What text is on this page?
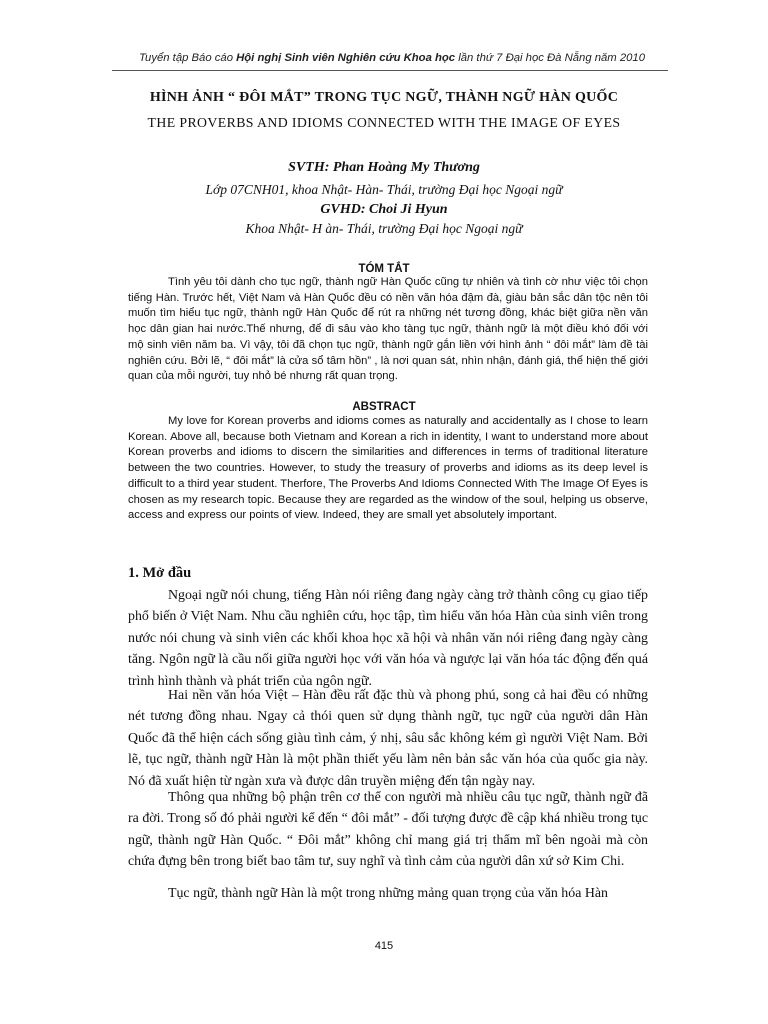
Tuyển tập Báo cáo Hội nghị Sinh viên Nghiên cứu Khoa học lần thứ 7 Đại học Đà Nẵng năm 2010
HÌNH ẢNH “ ĐÔI MẮT” TRONG TỤC NGỮ, THÀNH NGỮ HÀN QUỐC
THE PROVERBS AND IDIOMS CONNECTED WITH THE IMAGE OF EYES
SVTH: Phan Hoàng My Thương
Lớp 07CNH01, khoa Nhật- Hàn- Thái, trường Đại học Ngoại ngữ
GVHD: Choi Ji Hyun
Khoa Nhật- H àn- Thái, trường Đại học Ngoại ngữ
TÓM TẮT

Tình yêu tôi dành cho tục ngữ, thành ngữ Hàn Quốc cũng tự nhiên và tình cờ như việc tôi chọn tiếng Hàn. Trước hết, Việt Nam và Hàn Quốc đều có nền văn hóa đậm đà, giàu bản sắc dân tộc nên tôi muốn tìm hiểu tục ngữ, thành ngữ Hàn Quốc để rút ra những nét tương đồng, khác biệt giữa nền văn học dân gian hai nước.Thế nhưng, để đi sâu vào kho tàng tục ngữ, thành ngữ là một điều khó đối với mộ sinh viên năm ba. Vì vậy, tôi đã chọn tục ngữ, thành ngữ gắn liền với hình ảnh “ đôi mắt” làm đề tài nghiên cứu. Bởi lẽ, “ đôi mắt” là cửa sổ tâm hồn” , là nơi quan sát, nhìn nhận, đánh giá, thể hiện thế giới quan của mỗi người, tuy nhỏ bé nhưng rất quan trọng.

ABSTRACT

My love for Korean proverbs and idioms comes as naturally and accidentally as I chose to learn Korean. Above all, because both Vietnam and Korean a rich in identity, I want to understand more about Korean proverbs and idioms to discern the similarities and differences in terms of traditional literature between the two countries. However, to study the treasury of proverbs and idioms as its deep level is difficult to a third year student. Therfore, The Proverbs And Idioms Connected With The Image Of Eyes is chosen as my research topic. Because they are regarded as the window of the soul, helping us observe, access and express our points of view. Indeed, they are small yet absolutely important.

1. Mở đầu

Ngoại ngữ nói chung, tiếng Hàn nói riêng đang ngày càng trở thành công cụ giao tiếp phổ biến ở Việt Nam. Nhu cầu nghiên cứu, học tập, tìm hiểu văn hóa Hàn của sinh viên trong nước nói chung và sinh viên các khối khoa học xã hội và nhân văn nói riêng đang ngày càng tăng. Ngôn ngữ là cầu nối giữa người học với văn hóa và ngược lại văn hóa tác động đến quá trình hình thành và phát triển của ngôn ngữ.

Hai nền văn hóa Việt – Hàn đều rất đặc thù và phong phú, song cả hai đều có những nét tương đồng nhau. Ngay cả thói quen sử dụng thành ngữ, tục ngữ của người dân Hàn Quốc đã thể hiện cách sống giàu tình cảm, ý nhị, sâu sắc không kém gì người Việt Nam. Bởi lẽ, tục ngữ, thành ngữ Hàn là một phần thiết yếu làm nên bản sắc văn hóa của quốc gia này. Nó đã xuất hiện từ ngàn xưa và được dân truyền miệng đến tận ngày nay.

Thông qua những bộ phận trên cơ thể con người mà nhiều câu tục ngữ, thành ngữ đã ra đời. Trong số đó phải người kể đến “ đôi mắt” - đối tượng được đề cập khá nhiều trong tục ngữ, thành ngữ Hàn Quốc. “ Đôi mắt” không chỉ mang giá trị thẩm mĩ bên ngoài mà còn chứa đựng bên trong biết bao tâm tư, suy nghĩ và tình cảm của người dân xứ sở Kim Chi.

Tục ngữ, thành ngữ Hàn là một trong những mảng quan trọng của văn hóa Hàn

415
